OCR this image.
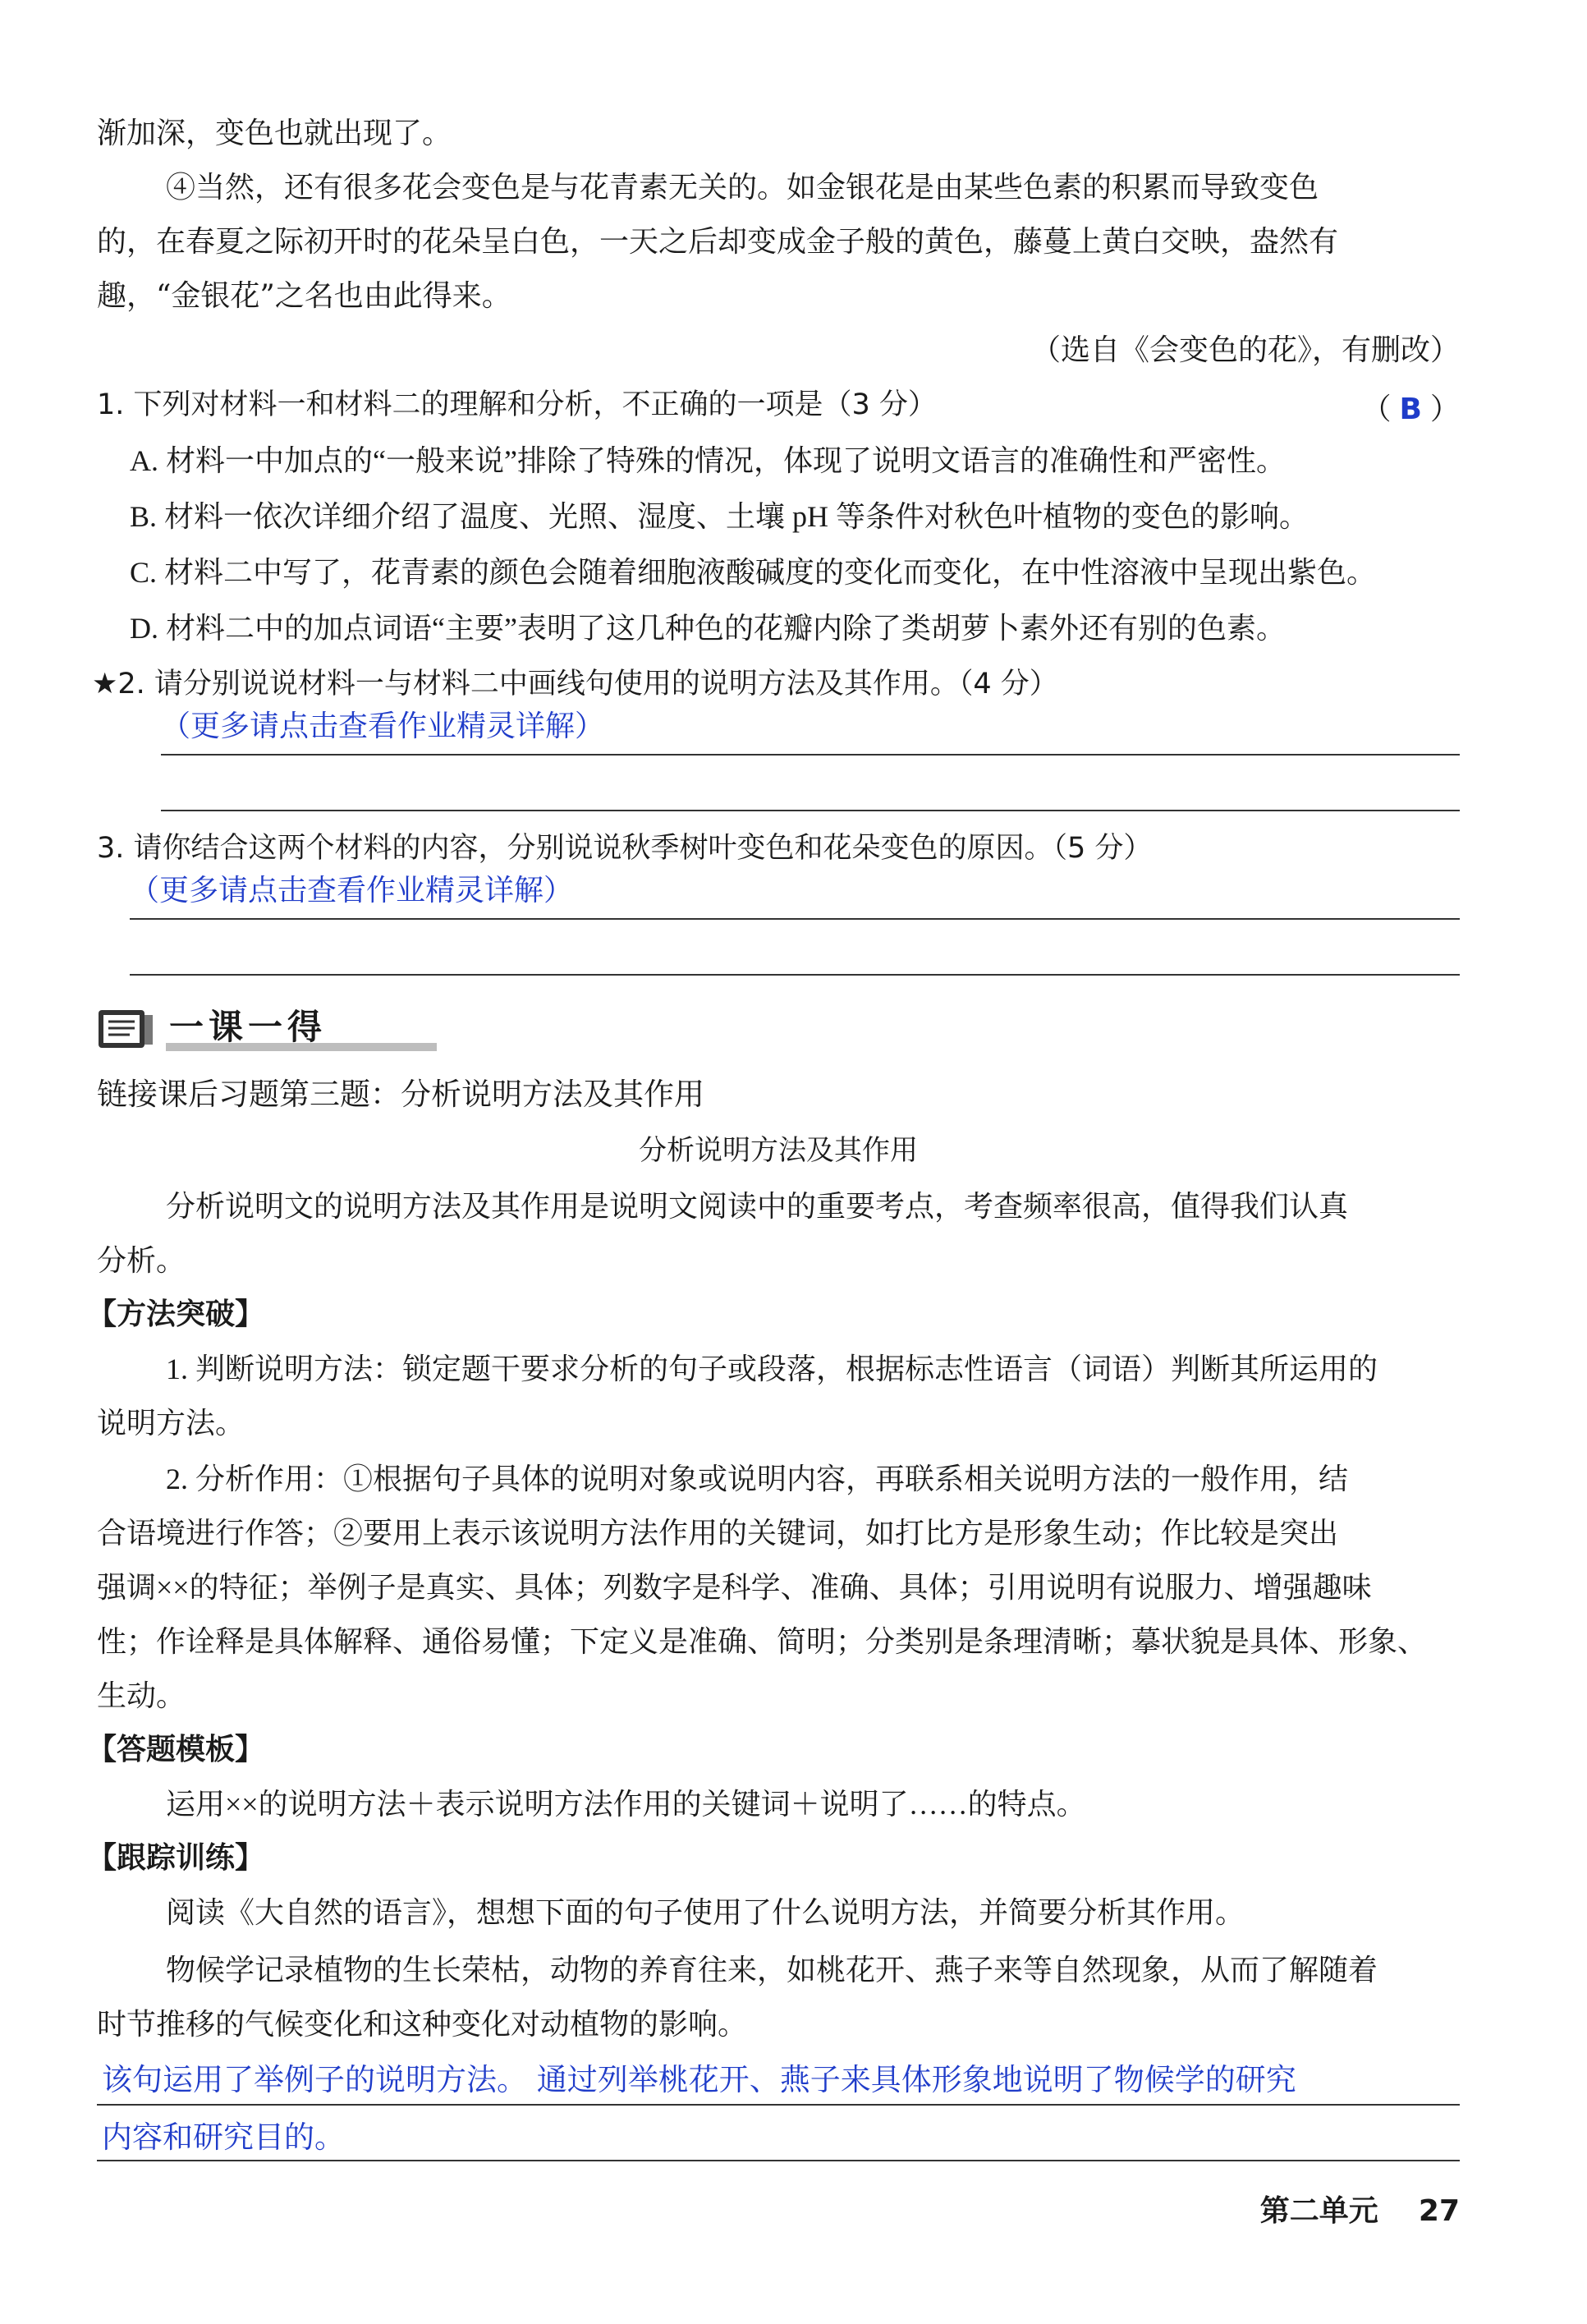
渐加深，变色也就出现了。

④当然，还有很多花会变色是与花青素无关的。如金银花是由某些色素的积累而导致变色

的，在春夏之际初开时的花朵呈白色，一天之后却变成金子般的黄色，藤蔓上黄白交映，盎然有

趣，“金银花”之名也由此得来。

（选自《会变色的花》，有删改）

1. 下列对材料一和材料二的理解和分析，不正确的一项是（3 分）	（ B ）

A. 材料一中加点的“一般来说”排除了特殊的情况，体现了说明文语言的准确性和严密性。

B. 材料一依次详细介绍了温度、光照、湿度、土壤 pH 等条件对秋色叶植物的变色的影响。

C. 材料二中写了，花青素的颜色会随着细胞液酸碱度的变化而变化，在中性溶液中呈现出紫色。

D. 材料二中的加点词语“主要”表明了这几种色的花瓣内除了类胡萝卜素外还有别的色素。

★2. 请分别说说材料一与材料二中画线句使用的说明方法及其作用。（4 分）

（更多请点击查看作业精灵详解）

3. 请你结合这两个材料的内容，分别说说秋季树叶变色和花朵变色的原因。（5 分）

（更多请点击查看作业精灵详解）

一课一得

链接课后习题第三题：分析说明方法及其作用

分析说明方法及其作用

分析说明文的说明方法及其作用是说明文阅读中的重要考点，考查频率很高，值得我们认真

分析。

【方法突破】

1. 判断说明方法：锁定题干要求分析的句子或段落，根据标志性语言（词语）判断其所运用的

说明方法。

2. 分析作用：①根据句子具体的说明对象或说明内容，再联系相关说明方法的一般作用，结

合语境进行作答；②要用上表示该说明方法作用的关键词，如打比方是形象生动；作比较是突出

强调××的特征；举例子是真实、具体；列数字是科学、准确、具体；引用说明有说服力、增强趣味

性；作诠释是具体解释、通俗易懂；下定义是准确、简明；分类别是条理清晰；摹状貌是具体、形象、

生动。

【答题模板】

运用××的说明方法＋表示说明方法作用的关键词＋说明了……的特点。

【跟踪训练】

阅读《大自然的语言》，想想下面的句子使用了什么说明方法，并简要分析其作用。

物候学记录植物的生长荣枯，动物的养育往来，如桃花开、燕子来等自然现象，从而了解随着

时节推移的气候变化和这种变化对动植物的影响。

该句运用了举例子的说明方法。 通过列举桃花开、燕子来具体形象地说明了物候学的研究

内容和研究目的。

第二单元 27
